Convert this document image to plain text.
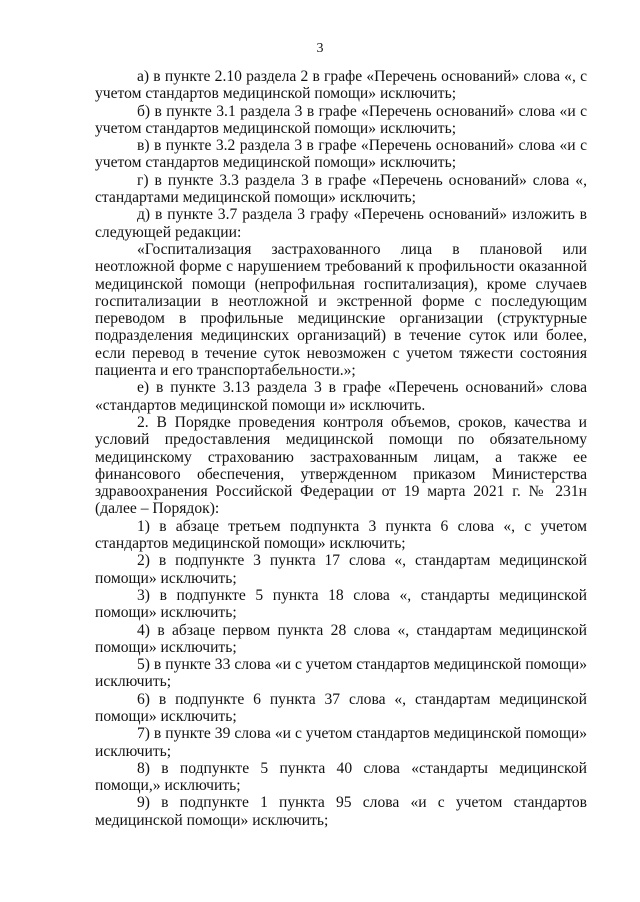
3

а) в пункте 2.10 раздела 2 в графе «Перечень оснований» слова «, с учетом стандартов медицинской помощи» исключить;

б) в пункте 3.1 раздела 3 в графе «Перечень оснований» слова «и с учетом стандартов медицинской помощи» исключить;

в) в пункте 3.2 раздела 3 в графе «Перечень оснований» слова «и с учетом стандартов медицинской помощи» исключить;

г) в пункте 3.3 раздела 3 в графе «Перечень оснований» слова «, стандартами медицинской помощи» исключить;

д) в пункте 3.7 раздела 3 графу «Перечень оснований» изложить в следующей редакции:

«Госпитализация застрахованного лица в плановой или неотложной форме с нарушением требований к профильности оказанной медицинской помощи (непрофильная госпитализация), кроме случаев госпитализации в неотложной и экстренной форме с последующим переводом в профильные медицинские организации (структурные подразделения медицинских организаций) в течение суток или более, если перевод в течение суток невозможен с учетом тяжести состояния пациента и его транспортабельности.»;

е) в пункте 3.13 раздела 3 в графе «Перечень оснований» слова «стандартов медицинской помощи и» исключить.

2. В Порядке проведения контроля объемов, сроков, качества и условий предоставления медицинской помощи по обязательному медицинскому страхованию застрахованным лицам, а также ее финансового обеспечения, утвержденном приказом Министерства здравоохранения Российской Федерации от 19 марта 2021 г. № 231н (далее – Порядок):

1) в абзаце третьем подпункта 3 пункта 6 слова «, с учетом стандартов медицинской помощи» исключить;

2) в подпункте 3 пункта 17 слова «, стандартам медицинской помощи» исключить;

3) в подпункте 5 пункта 18 слова «, стандарты медицинской помощи» исключить;

4) в абзаце первом пункта 28 слова «, стандартам медицинской помощи» исключить;

5) в пункте 33 слова «и с учетом стандартов медицинской помощи» исключить;

6) в подпункте 6 пункта 37 слова «, стандартам медицинской помощи» исключить;

7) в пункте 39 слова «и с учетом стандартов медицинской помощи» исключить;

8) в подпункте 5 пункта 40 слова «стандарты медицинской помощи,» исключить;

9) в подпункте 1 пункта 95 слова «и с учетом стандартов медицинской помощи» исключить;
